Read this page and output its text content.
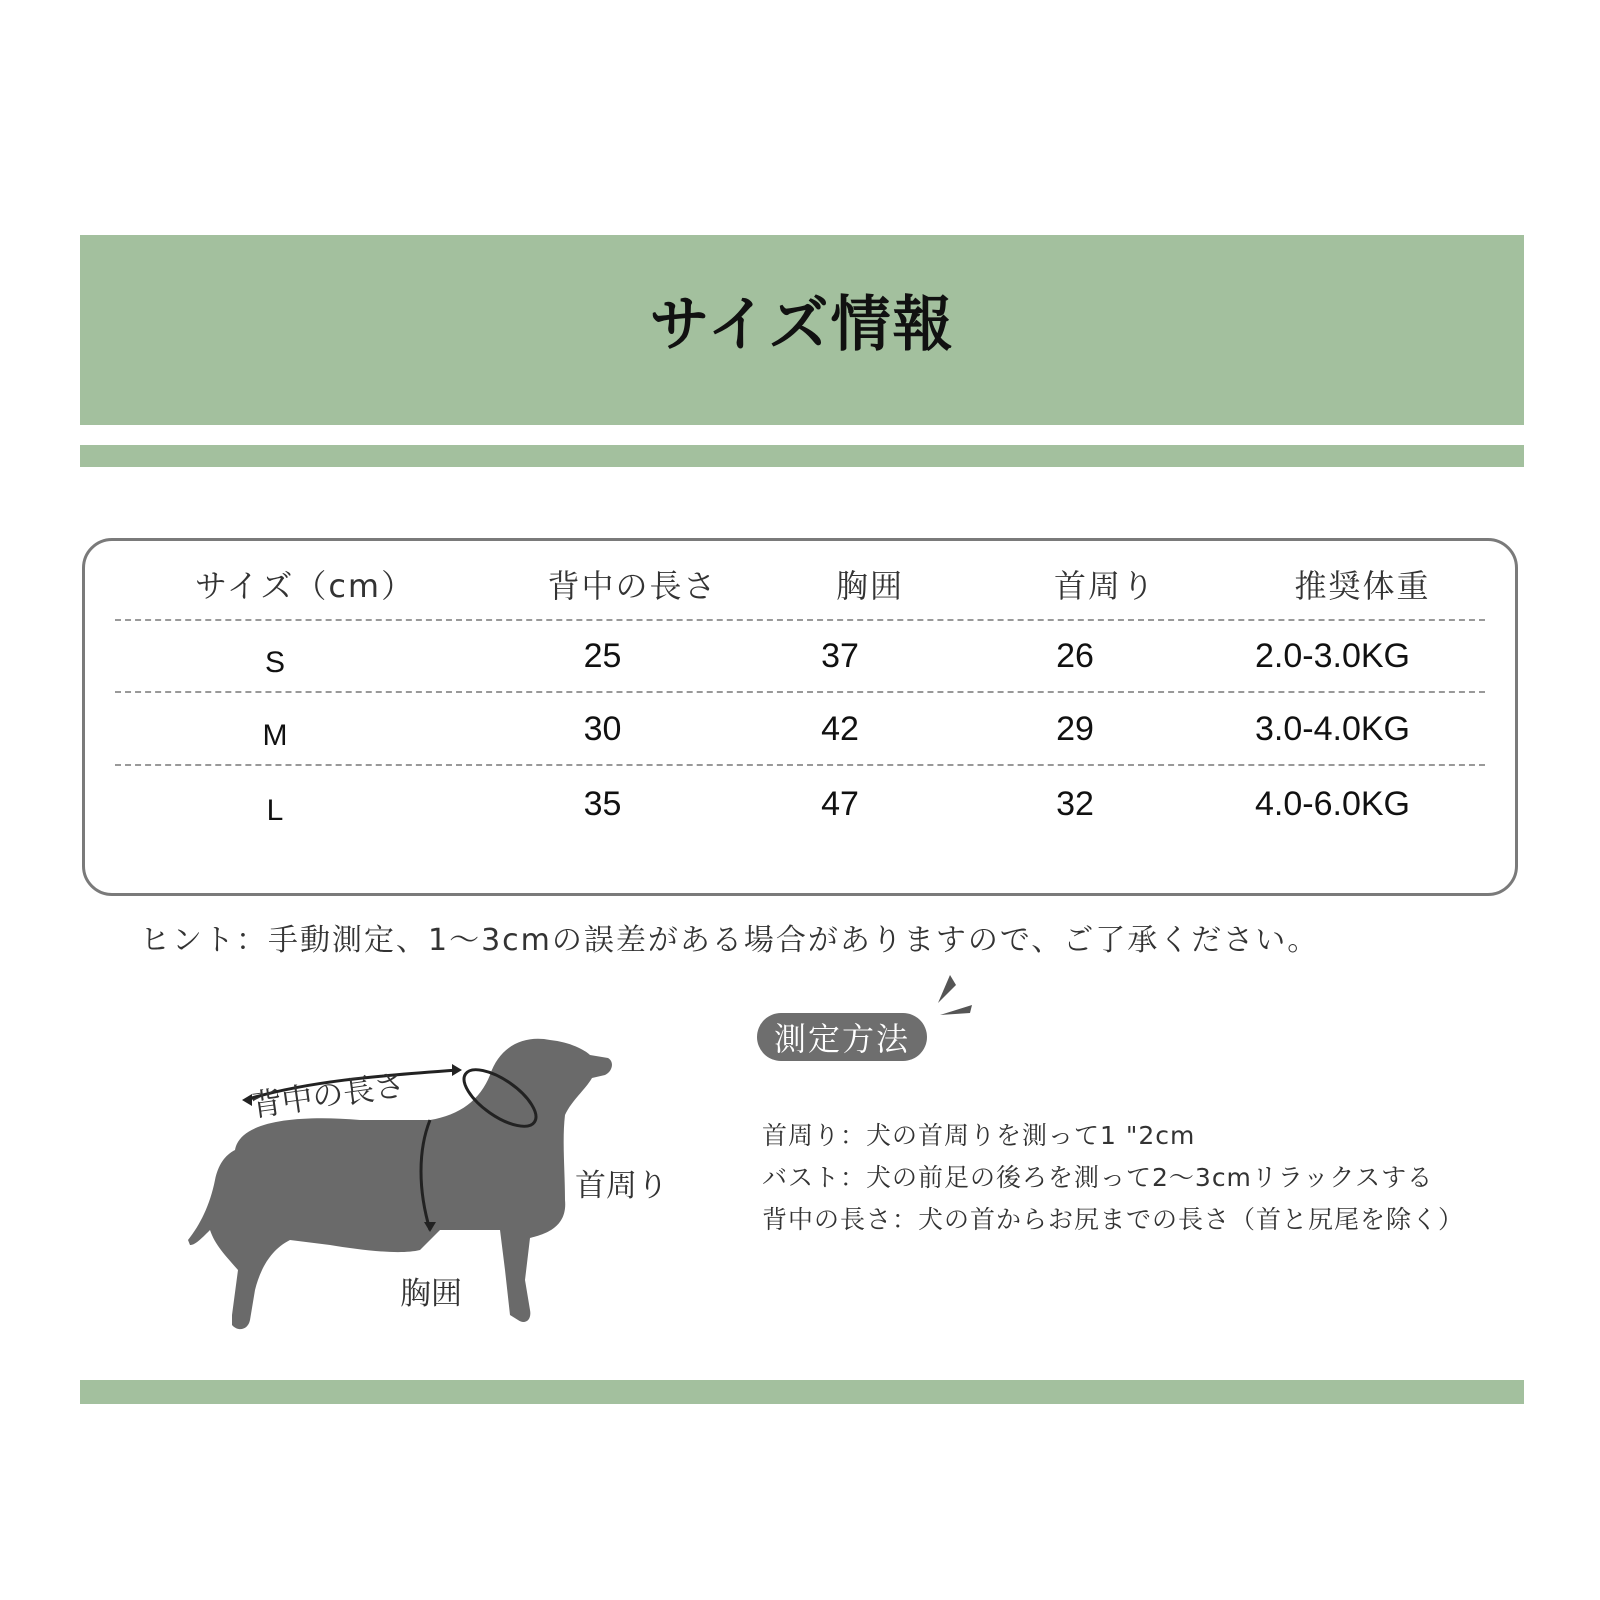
サイズ情報
サイズ（cm）	背中の長さ	胸囲	首周り	推奨体重
S	25	37	26	2.0-3.0KG
M	30	42	29	3.0-4.0KG
L	35	47	32	4.0-6.0KG
ヒント：手動測定、1～3cmの誤差がある場合がありますので、ご了承ください。
背中の長さ
首周り
胸囲
測定方法
首周り：犬の首周りを測って1 "2cm
バスト：犬の前足の後ろを測って2～3cmリラックスする
背中の長さ：犬の首からお尻までの長さ（首と尻尾を除く）
